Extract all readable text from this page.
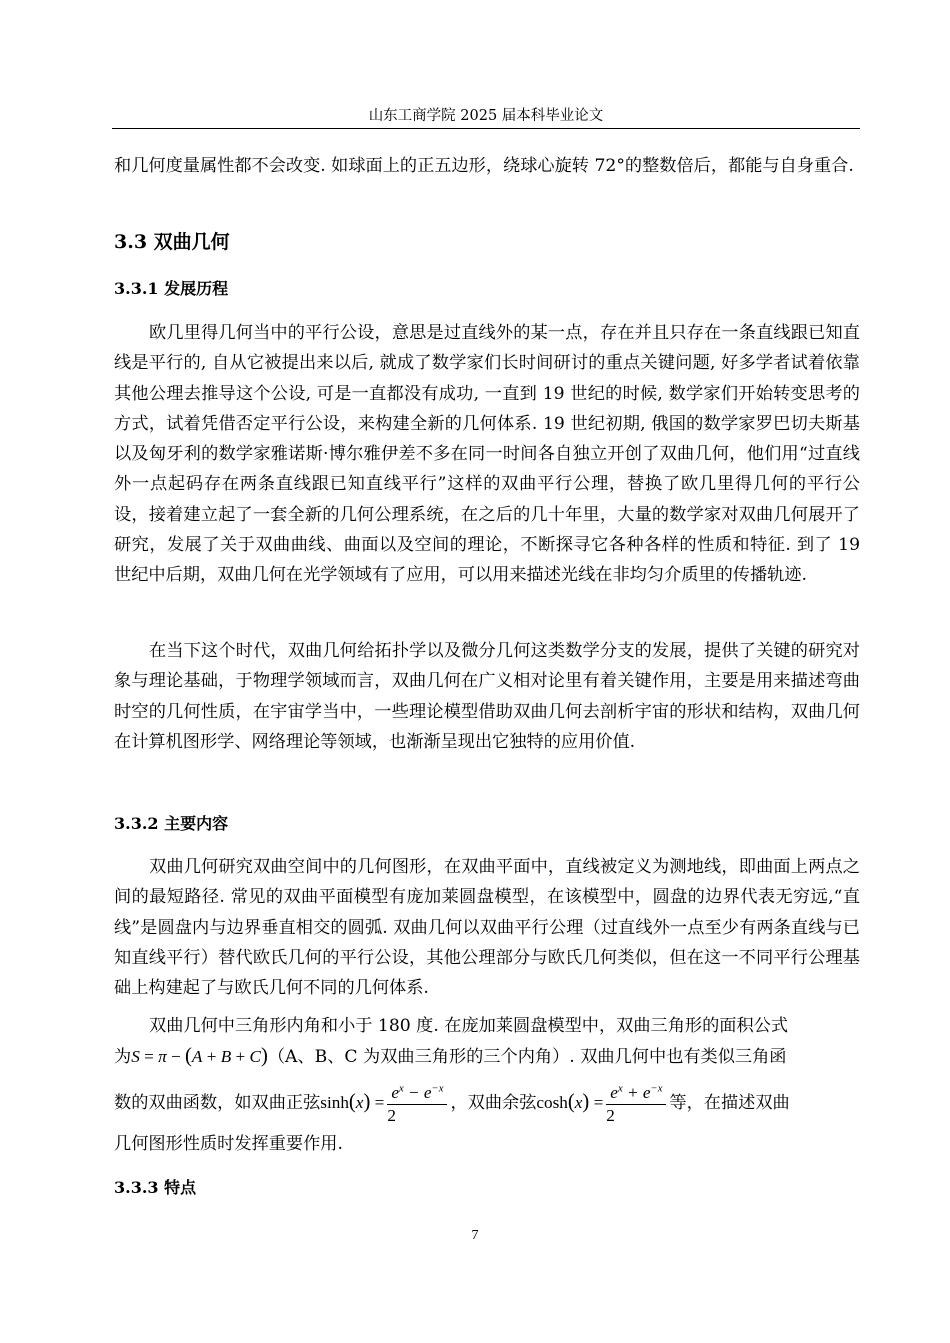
山东工商学院 2025 届本科毕业论文

和几何度量属性都不会改变. 如球面上的正五边形，绕球心旋转 72°的整数倍后，都能与自身重合.

3.3 双曲几何
3.3.1 发展历程

欧几里得几何当中的平行公设，意思是过直线外的某一点，存在并且只存在一条直线跟已知直线是平行的, 自从它被提出来以后, 就成了数学家们长时间研讨的重点关键问题, 好多学者试着依靠其他公理去推导这个公设, 可是一直都没有成功, 一直到 19 世纪的时候, 数学家们开始转变思考的方式，试着凭借否定平行公设，来构建全新的几何体系. 19 世纪初期, 俄国的数学家罗巴切夫斯基以及匈牙利的数学家雅诺斯·博尔雅伊差不多在同一时间各自独立开创了双曲几何，他们用“过直线外一点起码存在两条直线跟已知直线平行”这样的双曲平行公理，替换了欧几里得几何的平行公设，接着建立起了一套全新的几何公理系统，在之后的几十年里，大量的数学家对双曲几何展开了研究，发展了关于双曲曲线、曲面以及空间的理论，不断探寻它各种各样的性质和特征. 到了 19 世纪中后期，双曲几何在光学领域有了应用，可以用来描述光线在非均匀介质里的传播轨迹.

在当下这个时代，双曲几何给拓扑学以及微分几何这类数学分支的发展，提供了关键的研究对象与理论基础，于物理学领域而言，双曲几何在广义相对论里有着关键作用，主要是用来描述弯曲时空的几何性质，在宇宙学当中，一些理论模型借助双曲几何去剖析宇宙的形状和结构，双曲几何在计算机图形学、网络理论等领域，也渐渐呈现出它独特的应用价值.

3.3.2 主要内容

双曲几何研究双曲空间中的几何图形，在双曲平面中，直线被定义为测地线，即曲面上两点之间的最短路径. 常见的双曲平面模型有庞加莱圆盘模型，在该模型中，圆盘的边界代表无穷远,“直线”是圆盘内与边界垂直相交的圆弧. 双曲几何以双曲平行公理（过直线外一点至少有两条直线与已知直线平行）替代欧氏几何的平行公设，其他公理部分与欧氏几何类似，但在这一不同平行公理基础上构建起了与欧氏几何不同的几何体系.

双曲几何中三角形内角和小于 180 度. 在庞加莱圆盘模型中，双曲三角形的面积公式
为S = π − (A + B + C)（A、B、C 为双曲三角形的三个内角）. 双曲几何中也有类似三角函
数的双曲函数，如双曲正弦$\sinh(x) = \frac{e^x - e^{-x}}{2}$ ，双曲余弦$\cosh(x) = \frac{e^x + e^{-x}}{2}$ 等，在描述双曲
几何图形性质时发挥重要作用.
3.3.3 特点
7
